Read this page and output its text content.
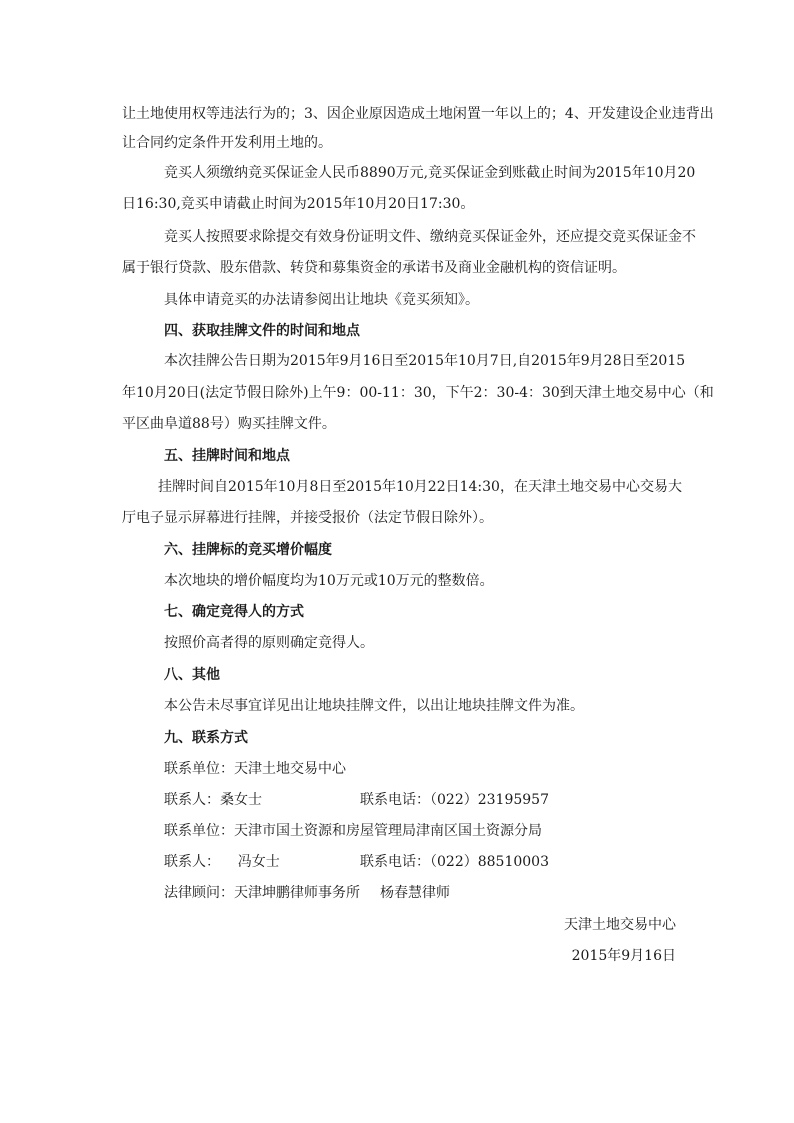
让土地使用权等违法行为的；3、因企业原因造成土地闲置一年以上的；4、开发建设企业违背出

让合同约定条件开发利用土地的。

竞买人须缴纳竞买保证金人民币8890万元,竞买保证金到账截止时间为2015年10月20

日16:30,竞买申请截止时间为2015年10月20日17:30。

竞买人按照要求除提交有效身份证明文件、缴纳竞买保证金外，还应提交竞买保证金不

属于银行贷款、股东借款、转贷和募集资金的承诺书及商业金融机构的资信证明。

具体申请竞买的办法请参阅出让地块《竞买须知》。

四、获取挂牌文件的时间和地点

本次挂牌公告日期为2015年9月16日至2015年10月7日,自2015年9月28日至2015

年10月20日(法定节假日除外)上午9：00-11：30，下午2：30-4：30到天津土地交易中心（和

平区曲阜道88号）购买挂牌文件。

五、挂牌时间和地点

挂牌时间自2015年10月8日至2015年10月22日14:30，在天津土地交易中心交易大

厅电子显示屏幕进行挂牌，并接受报价（法定节假日除外）。

六、挂牌标的竞买增价幅度

本次地块的增价幅度均为10万元或10万元的整数倍。

七、确定竞得人的方式

按照价高者得的原则确定竞得人。

八、其他

本公告未尽事宜详见出让地块挂牌文件，以出让地块挂牌文件为准。

九、联系方式

联系单位：天津土地交易中心

联系人：桑女士	联系电话：（022）23195957

联系单位：天津市国土资源和房屋管理局津南区国土资源分局

联系人：    冯女士	联系电话：（022）88510003
法律顾问：天津坤鹏律师事务所 杨春慧律师

天津土地交易中心

2015年9月16日
